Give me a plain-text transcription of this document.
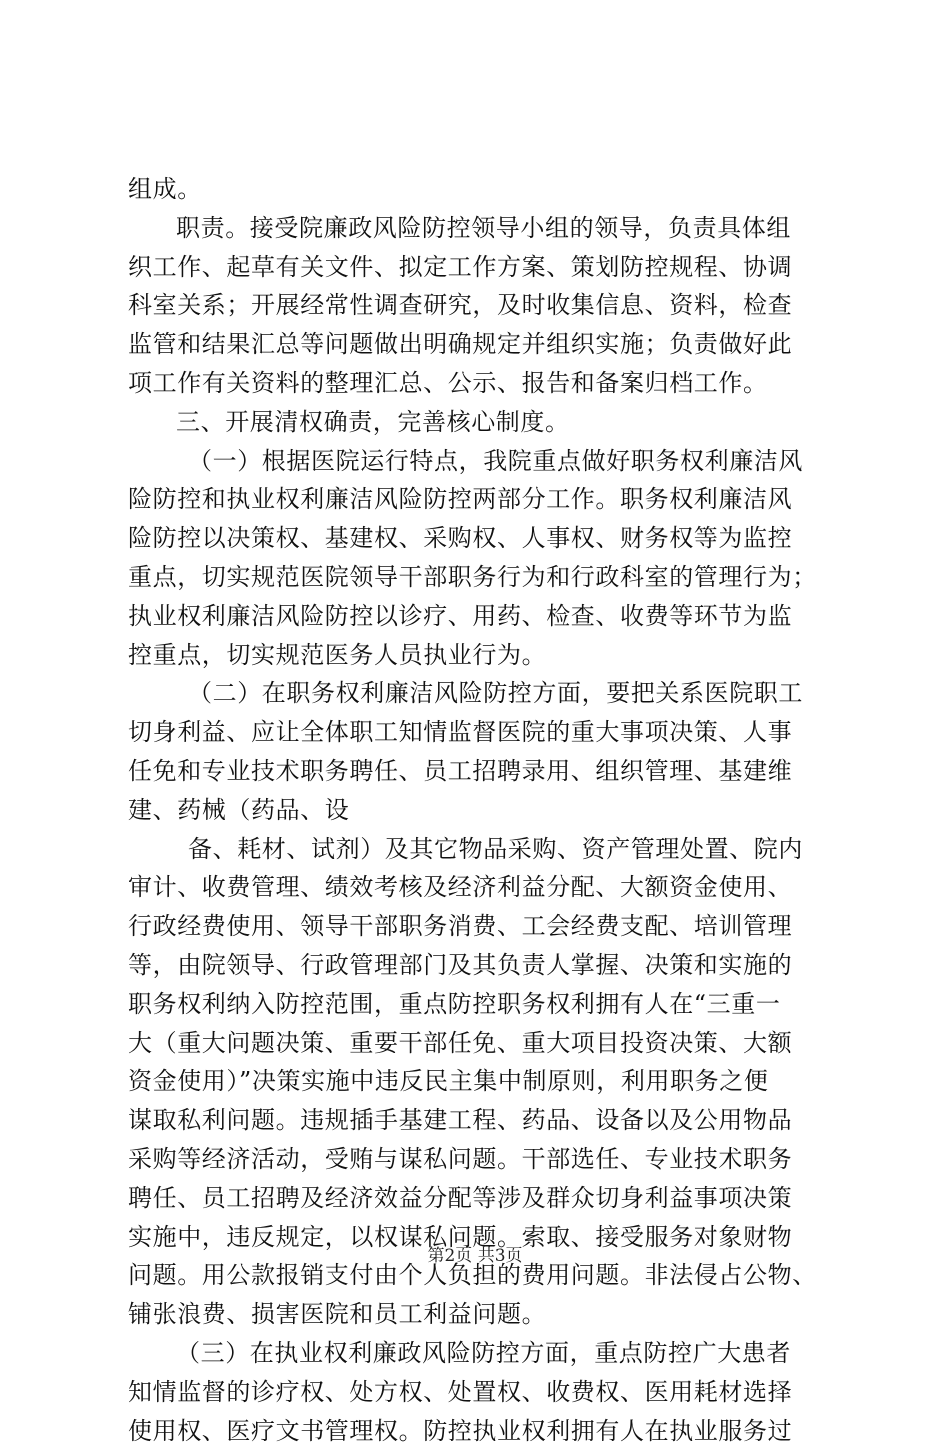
组成。
职责。接受院廉政风险防控领导小组的领导，负责具体组
织工作、起草有关文件、拟定工作方案、策划防控规程、协调
科室关系；开展经常性调查研究，及时收集信息、资料，检查
监管和结果汇总等问题做出明确规定并组织实施；负责做好此
项工作有关资料的整理汇总、公示、报告和备案归档工作。
三、开展清权确责，完善核心制度。
（一）根据医院运行特点，我院重点做好职务权利廉洁风
险防控和执业权利廉洁风险防控两部分工作。职务权利廉洁风
险防控以决策权、基建权、采购权、人事权、财务权等为监控
重点，切实规范医院领导干部职务行为和行政科室的管理行为；
执业权利廉洁风险防控以诊疗、用药、检查、收费等环节为监
控重点，切实规范医务人员执业行为。
（二）在职务权利廉洁风险防控方面，要把关系医院职工
切身利益、应让全体职工知情监督医院的重大事项决策、人事
任免和专业技术职务聘任、员工招聘录用、组织管理、基建维
建、药械（药品、设
备、耗材、试剂）及其它物品采购、资产管理处置、院内
审计、收费管理、绩效考核及经济利益分配、大额资金使用、
行政经费使用、领导干部职务消费、工会经费支配、培训管理
等，由院领导、行政管理部门及其负责人掌握、决策和实施的
职务权利纳入防控范围，重点防控职务权利拥有人在“三重一
大（重大问题决策、重要干部任免、重大项目投资决策、大额
资金使用）”决策实施中违反民主集中制原则，利用职务之便
谋取私利问题。违规插手基建工程、药品、设备以及公用物品
采购等经济活动，受贿与谋私问题。干部选任、专业技术职务
聘任、员工招聘及经济效益分配等涉及群众切身利益事项决策
实施中，违反规定，以权谋私问题。索取、接受服务对象财物
问题。用公款报销支付由个人负担的费用问题。非法侵占公物、
铺张浪费、损害医院和员工利益问题。
（三）在执业权利廉政风险防控方面，重点防控广大患者
知情监督的诊疗权、处方权、处置权、收费权、医用耗材选择
使用权、医疗文书管理权。防控执业权利拥有人在执业服务过
第2页 共3页
